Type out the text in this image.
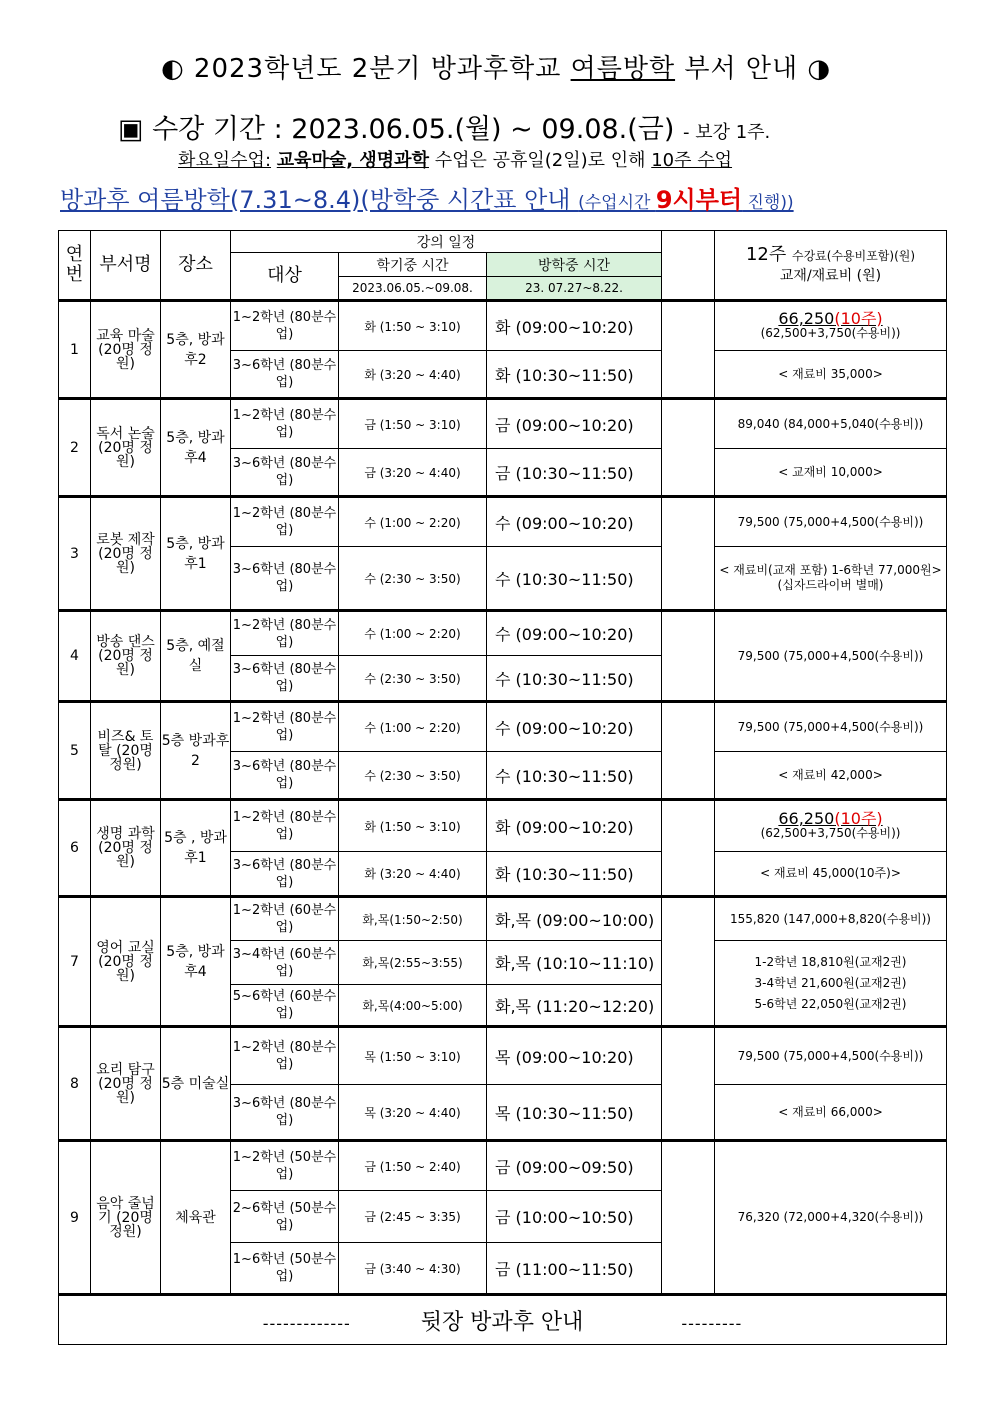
◐ 2023학년도 2분기 방과후학교 여름방학 부서 안내 ◑
▣ 수강 기간 : 2023.06.05.(월) ~ 09.08.(금) - 보강 1주.
화요일수업: 교육마술, 생명과학 수업은 공휴일(2일)로 인해 10주 수업
방과후 여름방학(7.31~8.4)(방학중 시간표 안내 (수업시간 9시부터 진행))
연번	부서명	장소	강의 일정				12주 수강료(수용비포함)(원)
교재/재료비 (원)
			대상	학기중 시간	방학중 시간		
				2023.06.05.~09.08.	23. 07.27~8.22.		
1	교육 마술 (20명 정원)	5층, 방과후2	1~2학년 (80분수업)	화 (1:50 ~ 3:10)	화 (09:00~10:20)		66,250(10주)
(62,500+3,750(수용비))

			3~6학년 (80분수업)	화 (3:20 ~ 4:40)	화 (10:30~11:50)		< 재료비 35,000>
2	독서 논술 (20명 정원)	5층, 방과후4	1~2학년 (80분수업)	금 (1:50 ~ 3:10)	금 (09:00~10:20)		89,040 (84,000+5,040(수용비))
			3~6학년 (80분수업)	금 (3:20 ~ 4:40)	금 (10:30~11:50)		< 교재비 10,000>
3	로봇 제작 (20명 정원)	5층, 방과후1	1~2학년 (80분수업)	수 (1:00 ~ 2:20)	수 (09:00~10:20)		79,500 (75,000+4,500(수용비))
			3~6학년 (80분수업)	수 (2:30 ~ 3:50)	수 (10:30~11:50)		< 재료비(교재 포함) 1-6학년 77,000원> (십자드라이버 별매)
4	방송 댄스 (20명 정원)	5층, 예절실	1~2학년 (80분수업)	수 (1:00 ~ 2:20)	수 (09:00~10:20)		79,500 (75,000+4,500(수용비))
			3~6학년 (80분수업)	수 (2:30 ~ 3:50)	수 (10:30~11:50)		
5	비즈& 토탈 (20명 정원)	5층 방과후2	1~2학년 (80분수업)	수 (1:00 ~ 2:20)	수 (09:00~10:20)		79,500 (75,000+4,500(수용비))
			3~6학년 (80분수업)	수 (2:30 ~ 3:50)	수 (10:30~11:50)		< 재료비 42,000>
6	생명 과학 (20명 정원)	5층 , 방과후1	1~2학년 (80분수업)	화 (1:50 ~ 3:10)	화 (09:00~10:20)		66,250(10주)
(62,500+3,750(수용비))

			3~6학년 (80분수업)	화 (3:20 ~ 4:40)	화 (10:30~11:50)		< 재료비 45,000(10주)>
7	영어 교실 (20명 정원)	5층, 방과후4	1~2학년 (60분수업)	화,목(1:50~2:50)	화,목 (09:00~10:00)		155,820 (147,000+8,820(수용비))
			3~4학년 (60분수업)	화,목(2:55~3:55)	화,목 (10:10~11:10)		1-2학년 18,810원(교재2권)
3-4학년 21,600원(교재2권)
5-6학년 22,050원(교재2권)

			5~6학년 (60분수업)	화,목(4:00~5:00)	화,목 (11:20~12:20)		
8	요리 탐구 (20명 정원)	5층 미술실	1~2학년 (80분수업)	목 (1:50 ~ 3:10)	목 (09:00~10:20)		79,500 (75,000+4,500(수용비))
			3~6학년 (80분수업)	목 (3:20 ~ 4:40)	목 (10:30~11:50)		< 재료비 66,000>
9	음악 줄넘기 (20명 정원)	체육관	1~2학년 (50분수업)	금 (1:50 ~ 2:40)	금 (09:00~09:50)		76,320 (72,000+4,320(수용비))
			2~6학년 (50분수업)	금 (2:45 ~ 3:35)	금 (10:00~10:50)		
			1~6학년 (50분수업)	금 (3:40 ~ 4:30)	금 (11:00~11:50)		
------------- 뒷장 방과후 안내 ---------							
